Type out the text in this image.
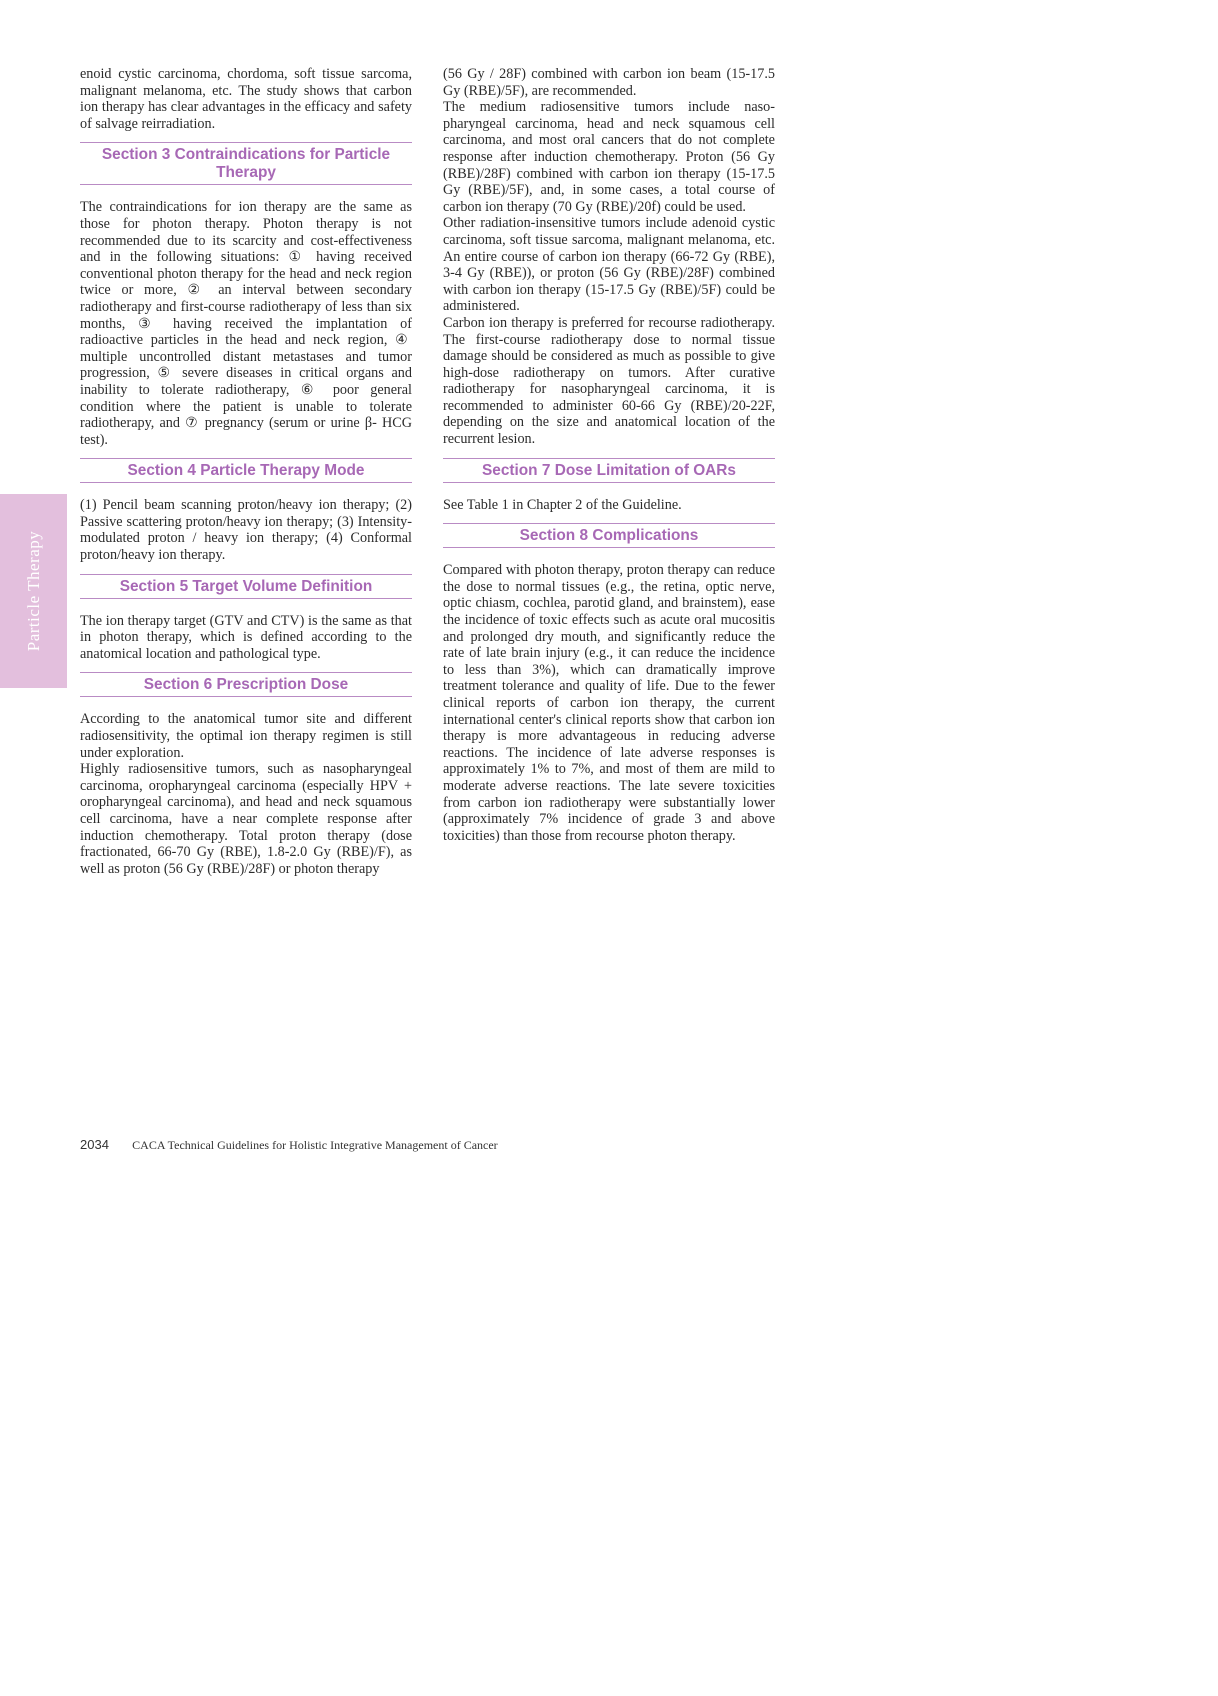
Particle Therapy

enoid cystic carcinoma, chordoma, soft tissue sarcoma, malignant melanoma, etc. The study shows that carbon ion therapy has clear advantages in the efficacy and safety of salvage reirradiation.

Section 3 Contraindications for Particle Therapy

The contraindications for ion therapy are the same as those for photon therapy. Photon therapy is not recommended due to its scarcity and cost-effectiveness and in the following situations: ① having received conventional photon therapy for the head and neck region twice or more, ② an interval between secondary radiotherapy and first-course radiotherapy of less than six months, ③ having received the implantation of radioactive particles in the head and neck region, ④ multiple uncontrolled distant metastases and tumor progression, ⑤ severe diseases in critical organs and inability to tolerate radiotherapy, ⑥ poor general condition where the patient is unable to tolerate radiotherapy, and ⑦ pregnancy (serum or urine β- HCG test).

Section 4 Particle Therapy Mode

(1) Pencil beam scanning proton/heavy ion therapy; (2) Passive scattering proton/heavy ion therapy; (3) Intensity-modulated proton / heavy ion therapy; (4) Conformal proton/heavy ion therapy.

Section 5 Target Volume Definition

The ion therapy target (GTV and CTV) is the same as that in photon therapy, which is defined according to the anatomical location and pathological type.

Section 6 Prescription Dose

According to the anatomical tumor site and different radiosensitivity, the optimal ion therapy regimen is still under exploration.

Highly radiosensitive tumors, such as nasopharyngeal carcinoma, oropharyngeal carcinoma (especially HPV + oropharyngeal carcinoma), and head and neck squamous cell carcinoma, have a near complete response after induction chemotherapy. Total proton therapy (dose fractionated, 66-70 Gy (RBE), 1.8-2.0 Gy (RBE)/F), as well as proton (56 Gy (RBE)/28F) or photon therapy

(56 Gy / 28F) combined with carbon ion beam (15-17.5 Gy (RBE)/5F), are recommended.

The medium radiosensitive tumors include nasopharyngeal carcinoma, head and neck squamous cell carcinoma, and most oral cancers that do not complete response after induction chemotherapy. Proton (56 Gy (RBE)/28F) combined with carbon ion therapy (15-17.5 Gy (RBE)/5F), and, in some cases, a total course of carbon ion therapy (70 Gy (RBE)/20f) could be used.

Other radiation-insensitive tumors include adenoid cystic carcinoma, soft tissue sarcoma, malignant melanoma, etc. An entire course of carbon ion therapy (66-72 Gy (RBE), 3-4 Gy (RBE)), or proton (56 Gy (RBE)/28F) combined with carbon ion therapy (15-17.5 Gy (RBE)/5F) could be administered.

Carbon ion therapy is preferred for recourse radiotherapy. The first-course radiotherapy dose to normal tissue damage should be considered as much as possible to give high-dose radiotherapy on tumors. After curative radiotherapy for nasopharyngeal carcinoma, it is recommended to administer 60-66 Gy (RBE)/20-22F, depending on the size and anatomical location of the recurrent lesion.

Section 7 Dose Limitation of OARs

See Table 1 in Chapter 2 of the Guideline.

Section 8 Complications

Compared with photon therapy, proton therapy can reduce the dose to normal tissues (e.g., the retina, optic nerve, optic chiasm, cochlea, parotid gland, and brainstem), ease the incidence of toxic effects such as acute oral mucositis and prolonged dry mouth, and significantly reduce the rate of late brain injury (e.g., it can reduce the incidence to less than 3%), which can dramatically improve treatment tolerance and quality of life. Due to the fewer clinical reports of carbon ion therapy, the current international center's clinical reports show that carbon ion therapy is more advantageous in reducing adverse reactions. The incidence of late adverse responses is approximately 1% to 7%, and most of them are mild to moderate adverse reactions. The late severe toxicities from carbon ion radiotherapy were substantially lower (approximately 7% incidence of grade 3 and above toxicities) than those from recourse photon therapy.

2034 CACA Technical Guidelines for Holistic Integrative Management of Cancer
